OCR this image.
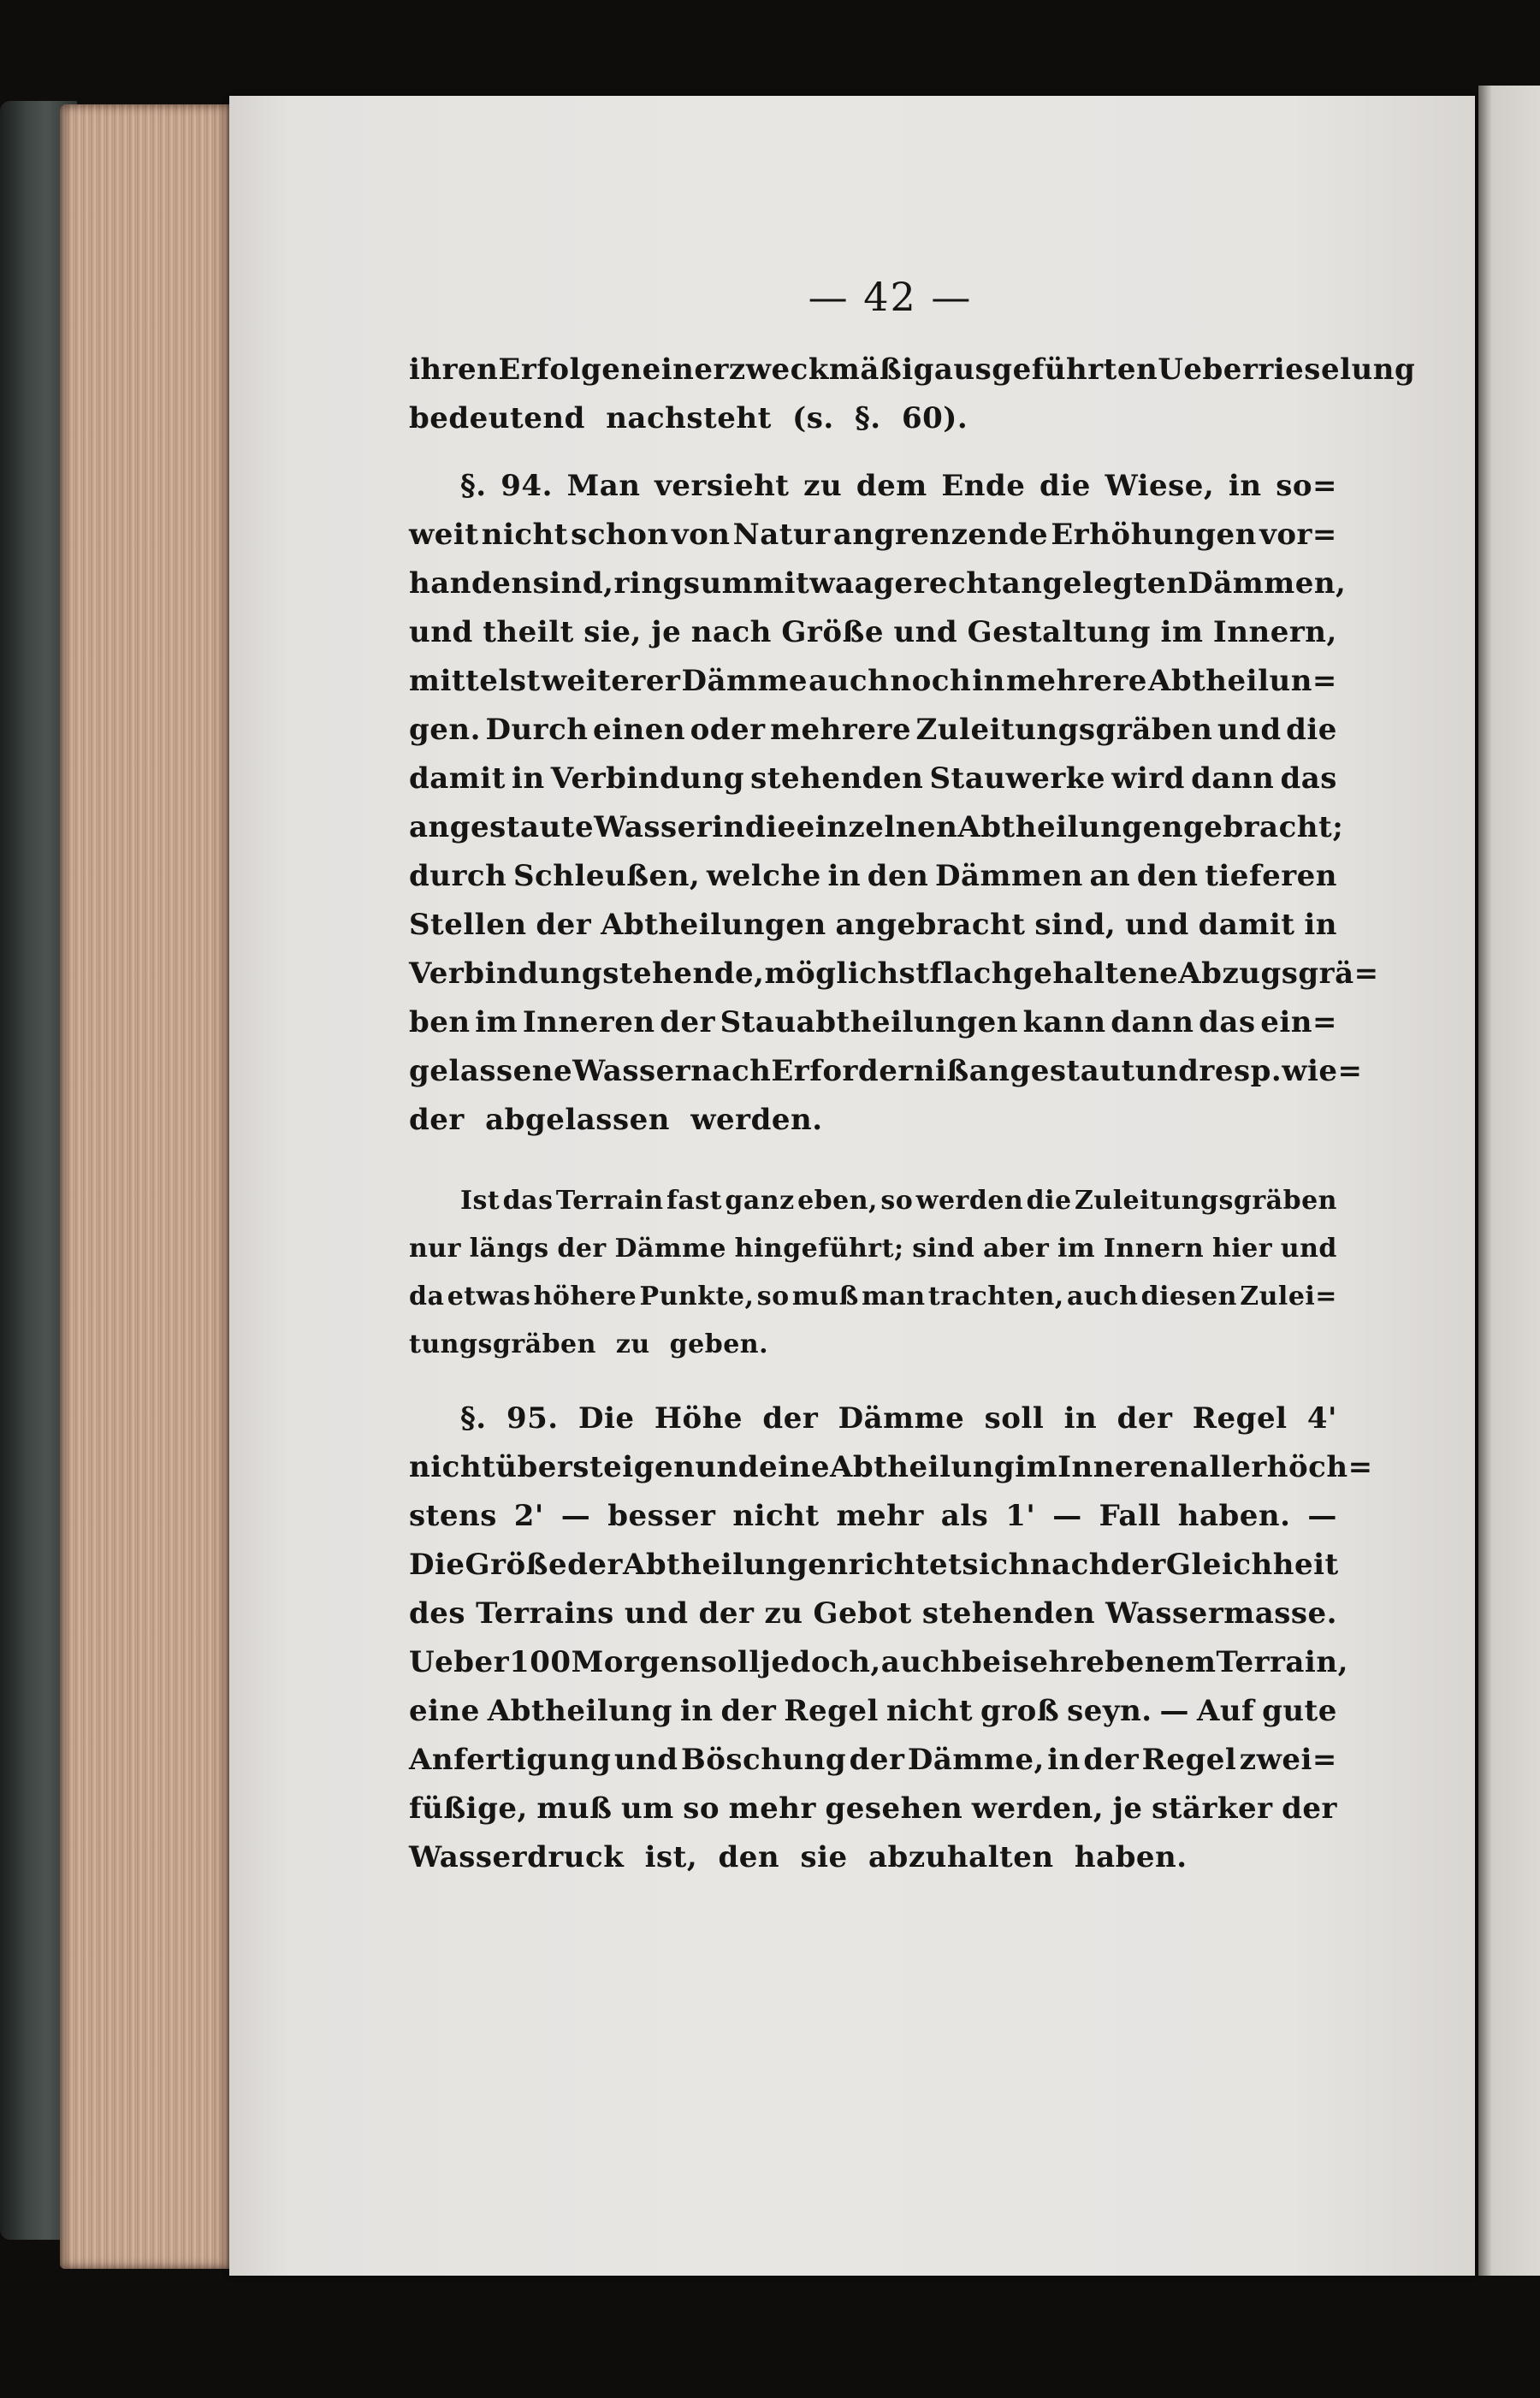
— 42 —
ihren Erfolgen einer zweckmäßig ausgeführten Ueberrieselung
bedeutend nachsteht (s. §. 60).
§. 94. Man versieht zu dem Ende die Wiese, in so=
weit nicht schon von Natur angrenzende Erhöhungen vor=
handen sind, ringsum mit waagerecht angelegten Dämmen,
und theilt sie, je nach Größe und Gestaltung im Innern,
mittelst weiterer Dämme auch noch in mehrere Abtheilun=
gen. Durch einen oder mehrere Zuleitungsgräben und die
damit in Verbindung stehenden Stauwerke wird dann das
angestaute Wasser in die einzelnen Abtheilungen gebracht;
durch Schleußen, welche in den Dämmen an den tieferen
Stellen der Abtheilungen angebracht sind, und damit in
Verbindung stehende, möglichst flach gehaltene Abzugsgrä=
ben im Inneren der Stauabtheilungen kann dann das ein=
gelassene Wasser nach Erforderniß angestaut und resp. wie=
der abgelassen werden.
Ist das Terrain fast ganz eben, so werden die Zuleitungsgräben
nur längs der Dämme hingeführt; sind aber im Innern hier und
da etwas höhere Punkte, so muß man trachten, auch diesen Zulei=
tungsgräben zu geben.
§. 95. Die Höhe der Dämme soll in der Regel 4'
nicht übersteigen und eine Abtheilung im Inneren allerhöch=
stens 2' — besser nicht mehr als 1' — Fall haben. —
Die Größe der Abtheilungen richtet sich nach der Gleichheit
des Terrains und der zu Gebot stehenden Wassermasse.
Ueber 100 Morgen soll jedoch, auch bei sehr ebenem Terrain,
eine Abtheilung in der Regel nicht groß seyn. — Auf gute
Anfertigung und Böschung der Dämme, in der Regel zwei=
füßige, muß um so mehr gesehen werden, je stärker der
Wasserdruck ist, den sie abzuhalten haben.
